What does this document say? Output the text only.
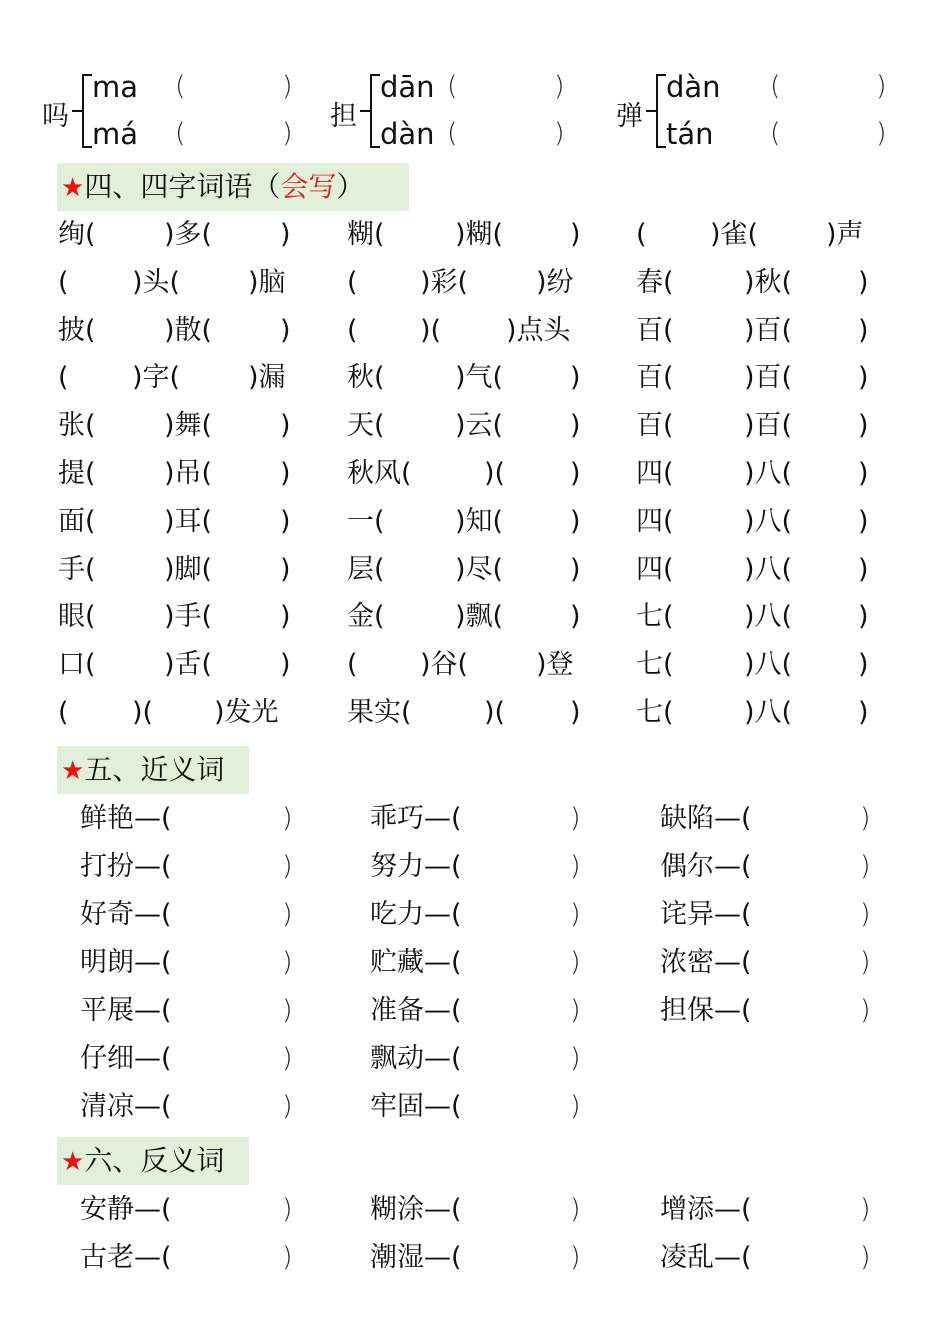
吗
ma (	)
má (	)
担
dān (	)
dàn (	)
弹
dàn (	)
tán (	)
★四、四字词语（会写）
绚(	)多(	) 糊(	)糊( ) ( )雀(	)声
( )头(	)脑 ( )彩(	)纷 春(	)秋( )
披(	)散(	) ( )( )点头 百(	)百( )
( )字(	)漏 秋(	)气( ) 百(	)百( )
张(	)舞(	) 天(	)云( ) 百(	)百( )
提(	)吊(	) 秋风(	)( ) 四(	)八( )
面(	)耳(	) 一(	)知( ) 四(	)八( )
手(	)脚(	) 层(	)尽( ) 四(	)八( )
眼(	)手(	) 金(	)飘( ) 七(	)八( )
口(	)舌(	) ( )谷(	)登 七(	)八( )
( )( )发光	果实(	)( ) 七(	)八( )
★五、近义词
鲜艳—(	)	乖巧—(	)	缺陷—(	)
打扮—(	)	努力—(	)	偶尔—(	)
好奇—(	)	吃力—(	)	诧异—(	)
明朗—(	)	贮藏—(	)	浓密—(	)
平展—(	)	准备—(	)	担保—(	)
仔细—(	)	飘动—(	)
清凉—(	)	牢固—(	)
★六、反义词
安静—(	)	糊涂—(	)	增添—(	)
古老—(	)	潮湿—(	)	凌乱—(	)
